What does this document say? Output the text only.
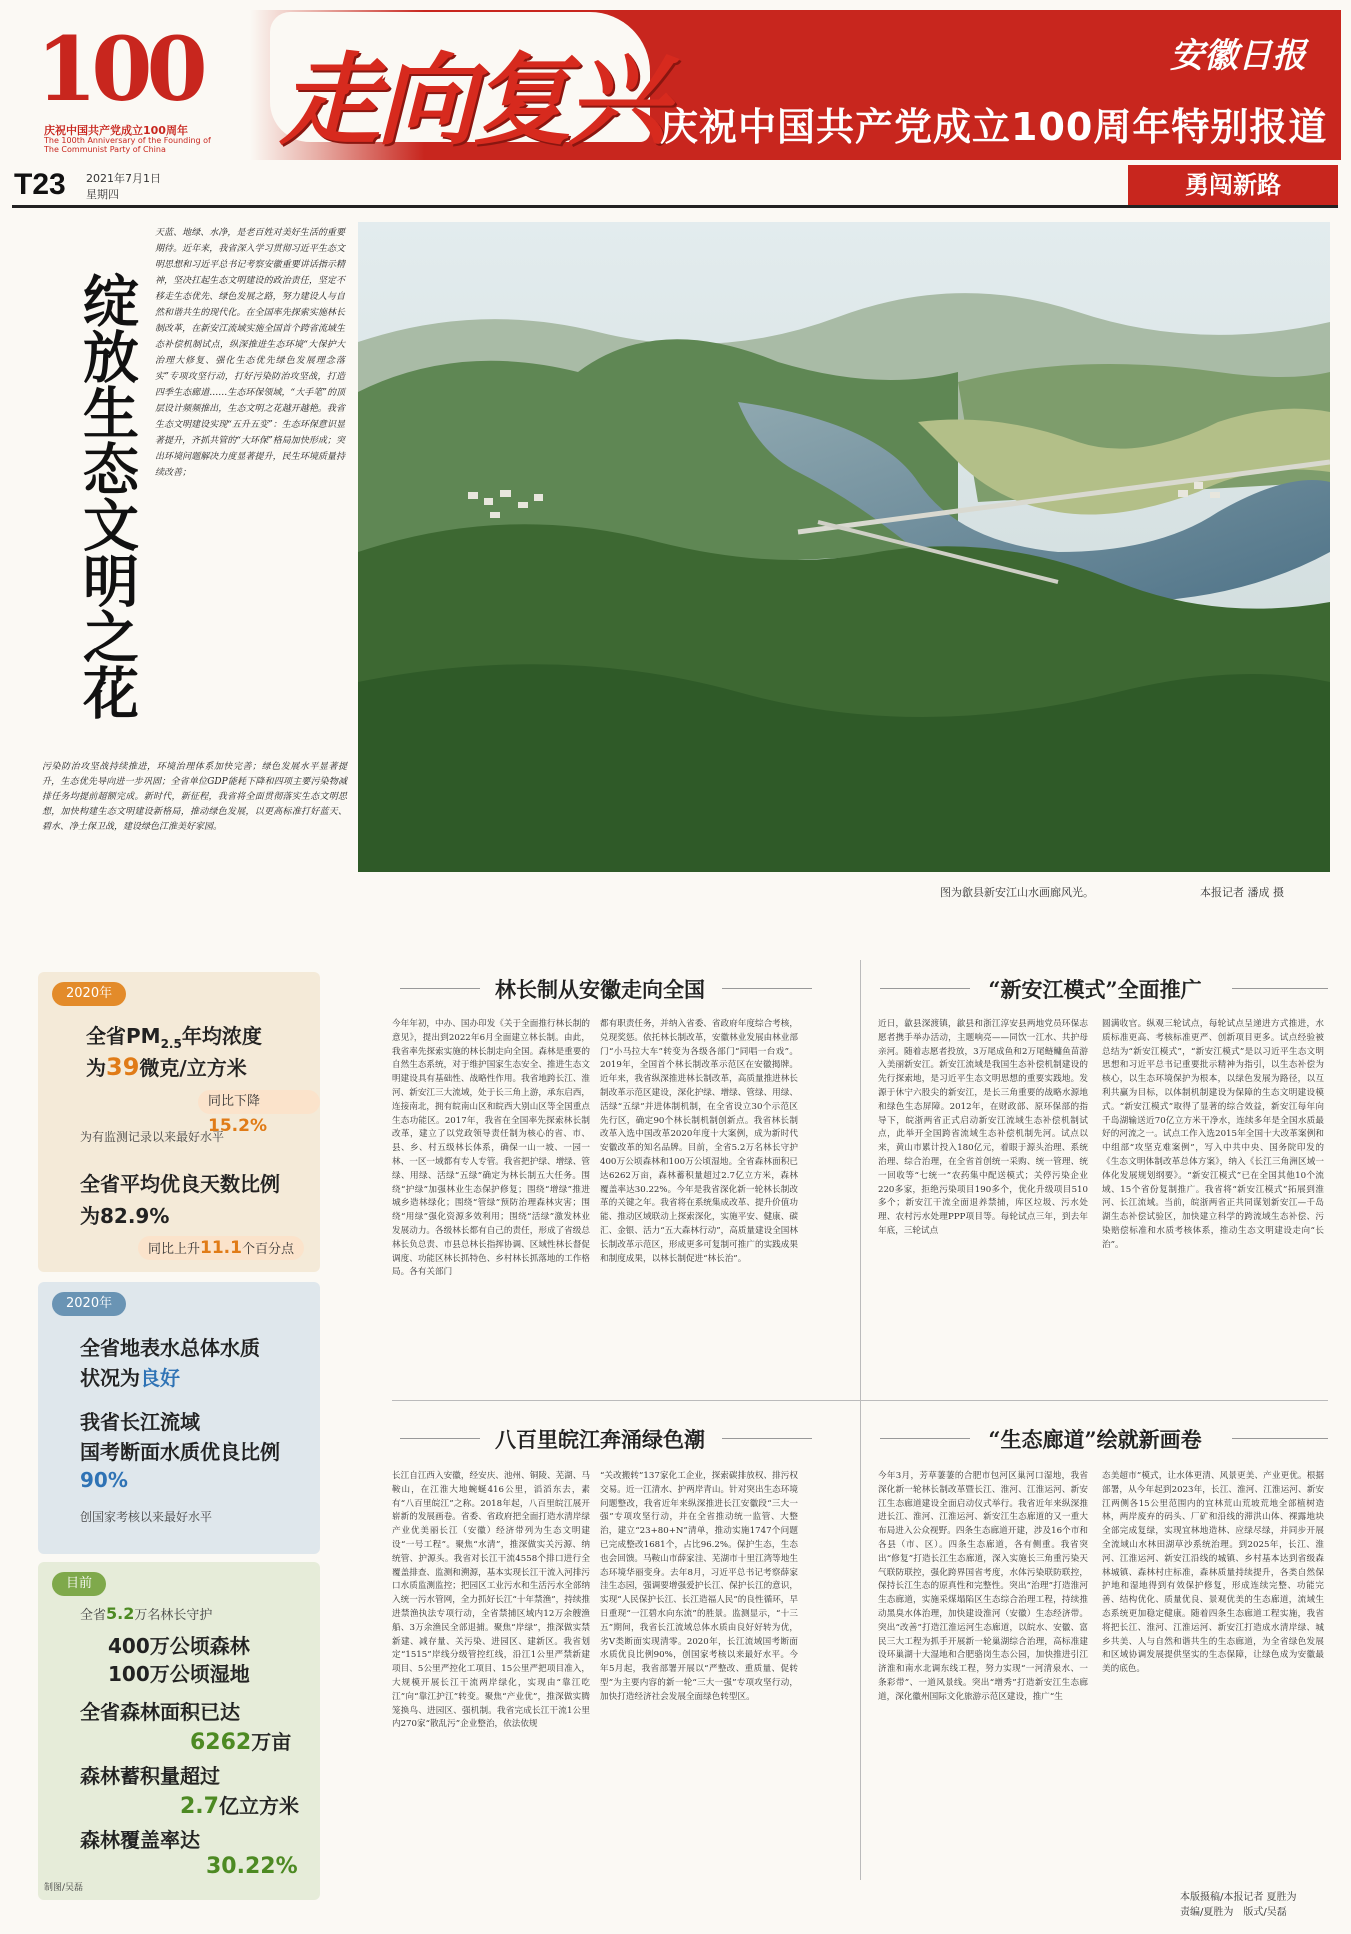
100
庆祝中国共产党成立100周年
The 100th Anniversary of the Founding of The Communist Party of China	走向复兴	安徽日报
庆祝中国共产党成立100周年特别报道
T23 2021年7月1日
星期四	勇闯新路
绽放生态文明之花
天蓝、地绿、水净，是老百姓对美好生活的重要期待。近年来，我省深入学习贯彻习近平生态文明思想和习近平总书记考察安徽重要讲话指示精神，坚决扛起生态文明建设的政治责任，坚定不移走生态优先、绿色发展之路，努力建设人与自然和谐共生的现代化。在全国率先探索实施林长制改革，在新安江流域实施全国首个跨省流域生态补偿机制试点，纵深推进生态环境“大保护大治理大修复、强化生态优先绿色发展理念落实”专项攻坚行动，打好污染防治攻坚战，打造四季生态廊道……生态环保领域，“大手笔”的顶层设计频频推出，生态文明之花越开越艳。我省生态文明建设实现“五升五变”：生态环保意识显著提升，齐抓共管的“大环保”格局加快形成；突出环境问题解决力度显著提升，民生环境质量持续改善；
污染防治攻坚战持续推进，环境治理体系加快完善；绿色发展水平显著提升，生态优先导向进一步巩固；全省单位GDP能耗下降和四项主要污染物减排任务均提前超额完成。新时代，新征程，我省将全面贯彻落实生态文明思想，加快构建生态文明建设新格局，推动绿色发展，以更高标准打好蓝天、碧水、净土保卫战，建设绿色江淮美好家园。
图为歙县新安江山水画廊风光。	本报记者 潘成 摄
2020年
全省$PM_{2.5}$年均浓度
为39微克/立方米
同比下降15.2%
为有监测记录以来最好水平
全省平均优良天数比例
为82.9%
同比上升11.1个百分点
2020年
全省地表水总体水质
状况为良好
我省长江流域
国考断面水质优良比例
90%
创国家考核以来最好水平
目前
全省5.2万名林长守护
400万公顷森林
100万公顷湿地
全省森林面积已达
6262万亩
森林蓄积量超过
2.7亿立方米
森林覆盖率达
30.22%
制图/吴磊
林长制从安徽走向全国
今年年初，中办、国办印发《关于全面推行林长制的意见》，提出到2022年6月全面建立林长制。由此，我省率先探索实施的林长制走向全国。森林是重要的自然生态系统，对于维护国家生态安全、推进生态文明建设具有基础性、战略性作用。我省地跨长江、淮河、新安江三大流域，处于长三角上游，承东启西，连接南北，拥有皖南山区和皖西大别山区等全国重点生态功能区。2017年，我省在全国率先探索林长制改革，建立了以党政领导责任制为核心的省、市、县、乡、村五级林长体系，确保一山一坡、一园一林、一区一域都有专人专管。我省把护绿、增绿、管绿、用绿、活绿“五绿”确定为林长制五大任务。围绕“护绿”加强林业生态保护修复；围绕“增绿”推进城乡造林绿化；围绕“管绿”预防治理森林灾害；围绕“用绿”强化资源多效利用；围绕“活绿”激发林业发展动力。各级林长都有自己的责任，形成了省级总林长负总责、市县总林长指挥协调、区域性林长督促调度、功能区林长抓特色、乡村林长抓落地的工作格局。各有关部门
都有职责任务，并纳入省委、省政府年度综合考核，兑现奖惩。依托林长制改革，安徽林业发展由林业部门“小马拉大车”转变为各级各部门“同唱一台戏”。2019年，全国首个林长制改革示范区在安徽揭牌。近年来，我省纵深推进林长制改革，高质量推进林长制改革示范区建设，深化护绿、增绿、管绿、用绿、活绿“五绿”并进体制机制，在全省设立30个示范区先行区，确定90个林长制机制创新点。我省林长制改革入选中国改革2020年度十大案例，成为新时代安徽改革的知名品牌。目前，全省5.2万名林长守护400万公顷森林和100万公顷湿地。全省森林面积已达6262万亩，森林蓄积量超过2.7亿立方米，森林覆盖率达30.22%。今年是我省深化新一轮林长制改革的关键之年。我省将在系统集成改革、提升价值功能、推动区域联动上探索深化，实施平安、健康、碳汇、金银、活力“五大森林行动”，高质量建设全国林长制改革示范区，形成更多可复制可推广的实践成果和制度成果，以林长制促进“林长治”。
“新安江模式”全面推广
近日，歙县深渡镇，歙县和浙江淳安县两地党员环保志愿者携手举办活动，主题响亮——同饮一江水、共护母亲河。随着志愿者投放，3万尾成鱼和2万尾鲢鳙鱼苗游入美丽新安江。新安江流域是我国生态补偿机制建设的先行探索地，是习近平生态文明思想的重要实践地。发源于休宁六股尖的新安江，是长三角重要的战略水源地和绿色生态屏障。2012年，在财政部、原环保部的指导下，皖浙两省正式启动新安江流域生态补偿机制试点，此举开全国跨省流域生态补偿机制先河。试点以来，黄山市累计投入180亿元，着眼于源头治理、系统治理、综合治理，在全省首创统一采购、统一管理、统一回收等“七统一”农药集中配送模式；关停污染企业220多家，拒绝污染项目190多个，优化升级项目510多个；新安江干流全面退养禁捕，库区垃圾、污水处理、农村污水处理PPP项目等。每轮试点三年，到去年年底，三轮试点
圆满收官。纵观三轮试点，每轮试点呈递进方式推进，水质标准更高、考核标准更严、创新项目更多。试点经验被总结为“新安江模式”，“新安江模式”是以习近平生态文明思想和习近平总书记重要批示精神为指引，以生态补偿为核心，以生态环境保护为根本，以绿色发展为路径，以互利共赢为目标，以体制机制建设为保障的生态文明建设模式。“新安江模式”取得了显著的综合效益，新安江每年向千岛湖输送近70亿立方米干净水，连续多年是全国水质最好的河流之一。试点工作入选2015年全国十大改革案例和中组部“攻坚克难案例”，写入中共中央、国务院印发的《生态文明体制改革总体方案》，纳入《长江三角洲区域一体化发展规划纲要》。“新安江模式”已在全国其他10个流域、15个省份复制推广。我省将“新安江模式”拓展到淮河、长江流域。当前，皖浙两省正共同谋划新安江—千岛湖生态补偿试验区，加快建立科学的跨流域生态补偿、污染赔偿标准和水质考核体系，推动生态文明建设走向“长治”。
八百里皖江奔涌绿色潮
长江自江西入安徽，经安庆、池州、铜陵、芜湖、马鞍山，在江淮大地蜿蜒416公里，滔滔东去，素有“八百里皖江”之称。2018年起，八百里皖江展开崭新的发展画卷。省委、省政府把全面打造水清岸绿产业优美丽长江（安徽）经济带列为生态文明建设“一号工程”。聚焦“水清”，推深做实关污源、纳统管、护源头。我省对长江干流4558个排口进行全覆盖排查、监测和溯源，基本实现长江干流入河排污口水质监测监控；把园区工业污水和生活污水全部纳入统一污水管网，全力抓好长江“十年禁渔”，持续推进禁渔执法专项行动，全省禁捕区域内12万余艘渔船、3万余渔民全部退捕。聚焦“岸绿”，推深做实禁新建、减存量、关污染、进园区、建新区。我省划定“1515”岸线分级管控红线，沿江1公里严禁新建项目、5公里严控化工项目、15公里严把项目准入，大规模开展长江干流两岸绿化，实现由“靠江吃江”向“靠江护江”转变。聚焦“产业优”，推深做实腾笼换鸟、进园区、强机制。我省完成长江干流1公里内270家“散乱污”企业整治，依法依规
“关改搬转”137家化工企业，探索碳排放权、排污权交易。近一江清水、护两岸青山。针对突出生态环境问题整改，我省近年来纵深推进长江安徽段“三大一强”专项攻坚行动，并在全省推动统一监管、大整治，建立“23+80+N”清单，推动实施1747个问题已完成整改1681个，占比96.2%。保护生态，生态也会回馈。马鞍山市薛家洼、芜湖市十里江湾等地生态环境华丽变身。去年8月，习近平总书记考察薛家洼生态园，强调要增强爱护长江、保护长江的意识，实现“人民保护长江、长江造福人民”的良性循环，早日重现“一江碧水向东流”的胜景。监测显示，“十三五”期间，我省长江流域总体水质由良好好转为优，劣Ⅴ类断面实现清零。2020年，长江流域国考断面水质优良比例90%，创国家考核以来最好水平。今年5月起，我省部署开展以“严整改、重质量、促转型”为主要内容的新一轮“三大一强”专项攻坚行动，加快打造经济社会发展全面绿色转型区。
“生态廊道”绘就新画卷
今年3月，芳草萋萋的合肥市包河区巢河口湿地，我省深化新一轮林长制改革暨长江、淮河、江淮运河、新安江生态廊道建设全面启动仪式举行。我省近年来纵深推进长江、淮河、江淮运河、新安江生态廊道的又一重大布局进入公众视野。四条生态廊道开建，涉及16个市和各县（市、区）。四条生态廊道，各有侧重。我省突出“修复”打造长江生态廊道，深入实施长三角重污染天气联防联控，强化跨界国省考度，水体污染联防联控，保持长江生态的原真性和完整性。突出“治理”打造淮河生态廊道，实施采煤塌陷区生态综合治理工程，持续推动黑臭水体治理，加快建设淮河（安徽）生态经济带。突出“改善”打造江淮运河生态廊道，以皖水、安徽、富民三大工程为抓手开展新一轮巢湖综合治理，高标准建设环巢湖十大湿地和合肥骆岗生态公园，加快推进引江济淮和南水北调东线工程，努力实现“一河清泉水、一条彩带”、一道风景线。突出“增秀”打造新安江生态廊道，深化徽州国际文化旅游示范区建设，推广“生
态美超市”模式，让水体更清、风景更美、产业更优。根据部署，从今年起到2023年，长江、淮河、江淮运河、新安江两侧各15公里范围内的宜林荒山荒坡荒地全部植树造林，两岸废弃的码头、厂矿和沿线的滞洪山体、裸露地块全部完成复绿，实现宜林地造林、应绿尽绿，并同步开展全流域山水林田湖草沙系统治理。到2025年，长江、淮河、江淮运河、新安江沿线的城镇、乡村基本达到省级森林城镇、森林村庄标准，森林质量持续提升，各类自然保护地和湿地得到有效保护修复，形成连续完整、功能完善、结构优化、质量优良、景观优美的生态廊道，流域生态系统更加稳定健康。随着四条生态廊道工程实施，我省将把长江、淮河、江淮运河、新安江打造成水清岸绿、城乡共美、人与自然和谐共生的生态廊道，为全省绿色发展和区域协调发展提供坚实的生态保障，让绿色成为安徽最美的底色。
本版摄稿/本报记者 夏胜为
责编/夏胜为　版式/吴磊
